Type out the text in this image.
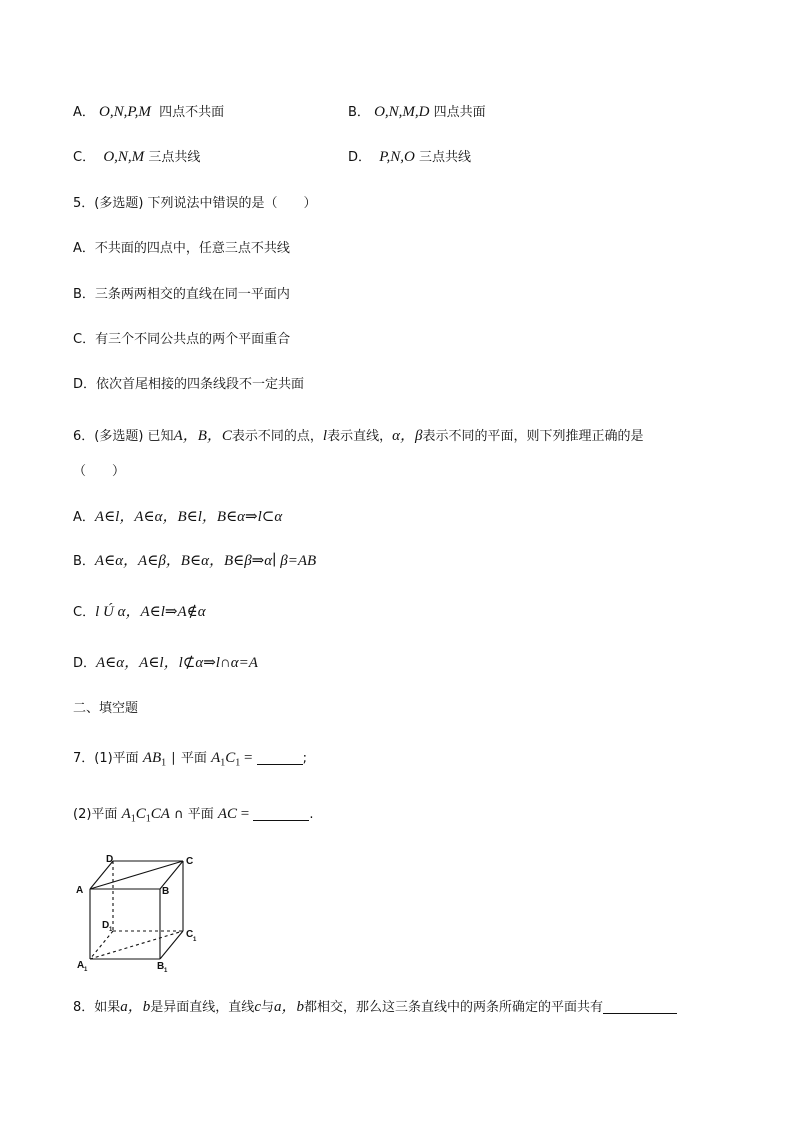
A． O,N,P,M 四点不共面	B． O,N,M,D 四点共面
C． O,N,M 三点共线	D． P,N,O 三点共线
5．(多选题) 下列说法中错误的是（　　）
A．不共面的四点中，任意三点不共线
B．三条两两相交的直线在同一平面内
C．有三个不同公共点的两个平面重合
D．依次首尾相接的四条线段不一定共面
6．(多选题) 已知A，B，C表示不同的点，l表示直线，α，β表示不同的平面，则下列推理正确的是
（　　）
A．A∈l，A∈α，B∈l，B∈α⇒l⊂α
B．A∈α，A∈β，B∈α，B∈β⇒α∣ β=AB
C．l Ú α，A∈l⇒A∉α
D．A∈α，A∈l，l⊄α⇒l∩α=A
二、填空题
7．(1)平面 $AB_1$ ∣ 平面 $A_1C_1$ =	;
(2)平面 $A_1C_1CA$ ∩ 平面 AC =	.
D	C
A	B
D 1	C 1
A 1	B 1
8．如果a，b是异面直线，直线c与a，b都相交，那么这三条直线中的两条所确定的平面共有
